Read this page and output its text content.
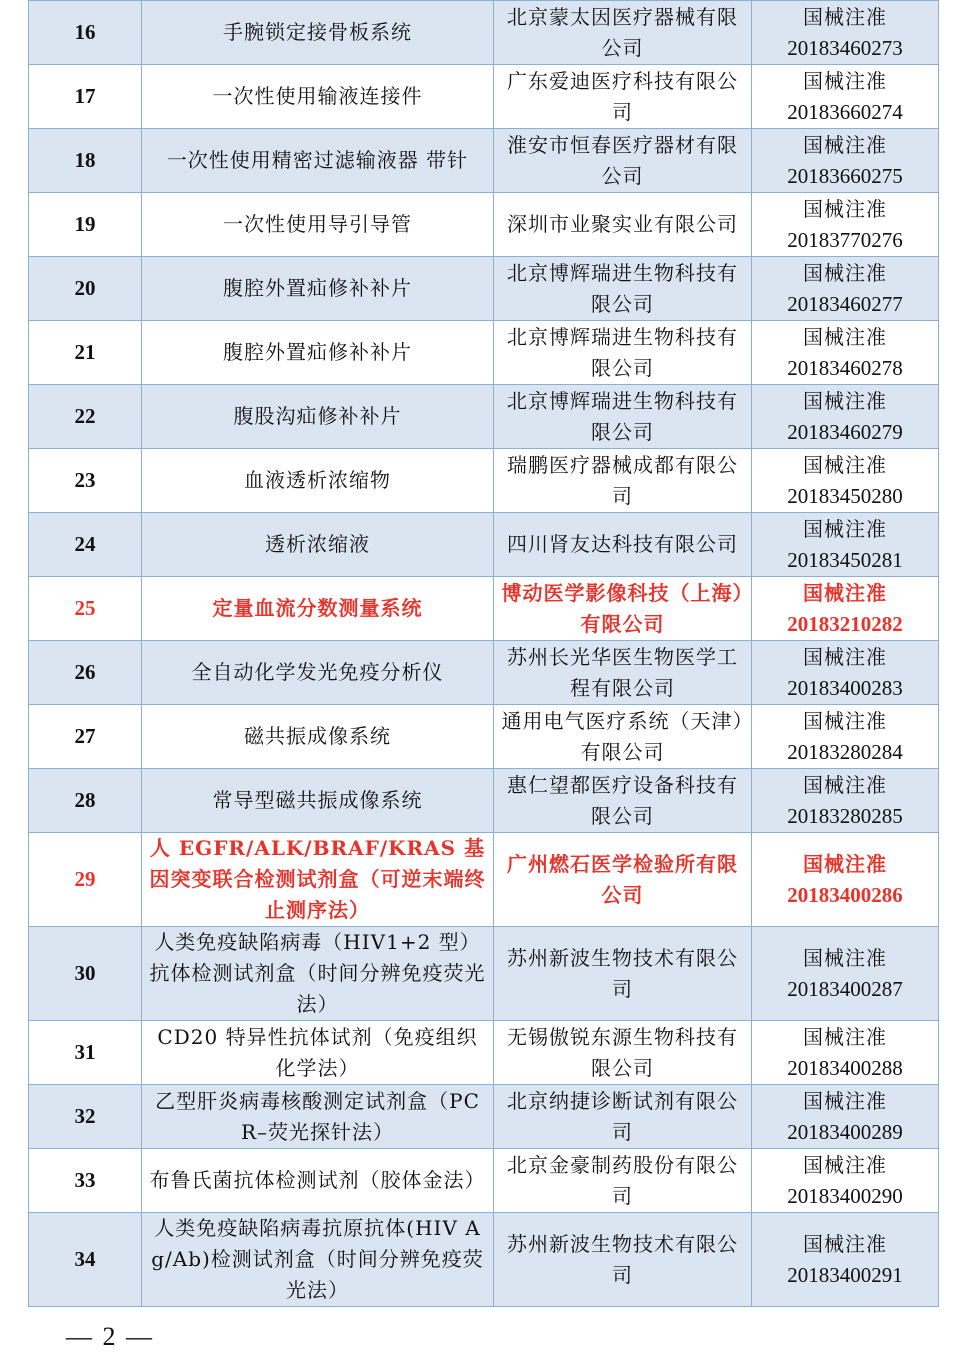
16	手腕锁定接骨板系统	北京蒙太因医疗器械有限公司	国械注准
20183460273

17	一次性使用输液连接件	广东爱迪医疗科技有限公司	国械注准
20183660274

18	一次性使用精密过滤输液器 带针	淮安市恒春医疗器材有限公司	国械注准
20183660275

19	一次性使用导引导管	深圳市业聚实业有限公司	国械注准
20183770276

20	腹腔外置疝修补补片	北京博辉瑞进生物科技有限公司	国械注准
20183460277

21	腹腔外置疝修补补片	北京博辉瑞进生物科技有限公司	国械注准
20183460278

22	腹股沟疝修补补片	北京博辉瑞进生物科技有限公司	国械注准
20183460279

23	血液透析浓缩物	瑞鹏医疗器械成都有限公司	国械注准
20183450280

24	透析浓缩液	四川肾友达科技有限公司	国械注准
20183450281

25	定量血流分数测量系统	博动医学影像科技（上海）有限公司	国械注准
20183210282

26	全自动化学发光免疫分析仪	苏州长光华医生物医学工程有限公司	国械注准
20183400283

27	磁共振成像系统	通用电气医疗系统（天津）有限公司	国械注准
20183280284

28	常导型磁共振成像系统	惠仁望都医疗设备科技有限公司	国械注准
20183280285

29	人 EGFR/ALK/BRAF/KRAS 基因突变联合检测试剂盒（可逆末端终止测序法）	广州燃石医学检验所有限公司	国械注准
20183400286

30	人类免疫缺陷病毒（HIV1+2 型）抗体检测试剂盒（时间分辨免疫荧光法）	苏州新波生物技术有限公司	国械注准
20183400287

31	CD20 特异性抗体试剂（免疫组织化学法）	无锡傲锐东源生物科技有限公司	国械注准
20183400288

32	乙型肝炎病毒核酸测定试剂盒（PCR–荧光探针法）	北京纳捷诊断试剂有限公司	国械注准
20183400289

33	布鲁氏菌抗体检测试剂（胶体金法）	北京金豪制药股份有限公司	国械注准
20183400290

34	人类免疫缺陷病毒抗原抗体(HIV Ag/Ab)检测试剂盒（时间分辨免疫荧光法）	苏州新波生物技术有限公司	国械注准
20183400291
— 2 —
